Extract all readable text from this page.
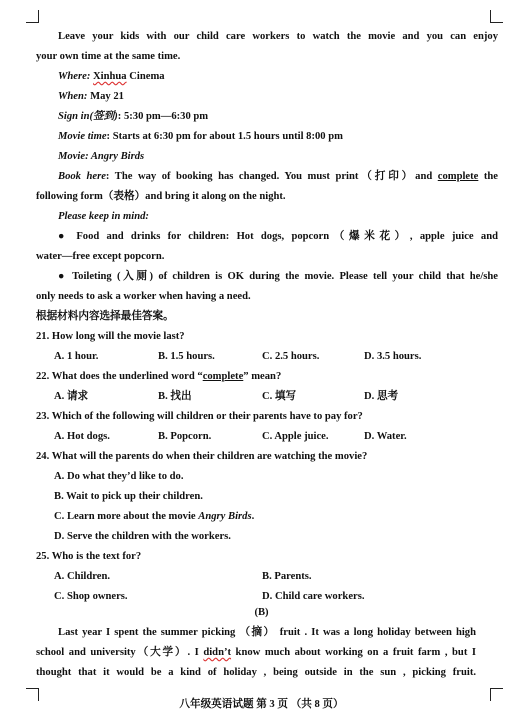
Leave your kids with our child care workers to watch the movie and you can enjoy
your own time at the same time.
Where: Xinhua Cinema
When: May 21
Sign in(签到): 5:30 pm—6:30 pm
Movie time: Starts at 6:30 pm for about 1.5 hours until 8:00 pm
Movie: Angry Birds
Book here: The way of booking has changed. You must print（打印）and complete the
following form（表格）and bring it along on the night.
Please keep in mind:
● Food and drinks for children: Hot dogs, popcorn（爆米花）, apple juice and
water—free except popcorn.
● Toileting (入厕) of children is OK during the movie. Please tell your child that he/she
only needs to ask a worker when having a need.
根据材料内容选择最佳答案。
21. How long will the movie last?
A. 1 hour.	B. 1.5 hours.	C. 2.5 hours.	D. 3.5 hours.
22. What does the underlined word “complete” mean?
A. 请求	B. 找出	C. 填写	D. 思考
23. Which of the following will children or their parents have to pay for?
A. Hot dogs.	B. Popcorn.	C. Apple juice.	D. Water.
24. What will the parents do when their children are watching the movie?
A. Do what they’d like to do.
B. Wait to pick up their children.
C. Learn more about the movie Angry Birds.
D. Serve the children with the workers.
25. Who is the text for?
A. Children.	B. Parents.
C. Shop owners.	D. Child care workers.
(B)
Last year I spent the summer picking （摘） fruit . It was a long holiday between high
school and university（大学）. I didn’t know much about working on a fruit farm , but I
thought that it would be a kind of holiday , being outside in the sun , picking fruit.
八年级英语试题 第 3 页 （共 8 页）
